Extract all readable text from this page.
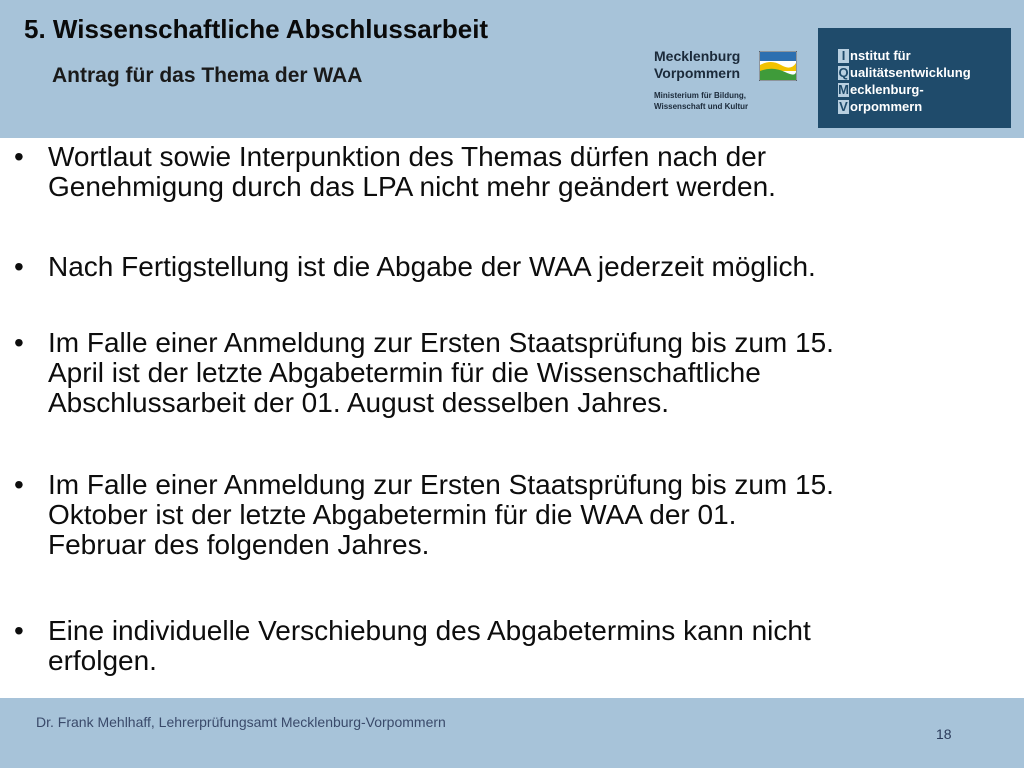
5. Wissenschaftliche Abschlussarbeit
Antrag für das Thema der WAA
Mecklenburg
Vorpommern
Ministerium für Bildung,
Wissenschaft und Kultur
I nstitut für
Qualitätsentwicklung
Mecklenburg-
V orpommern
• Wortlaut sowie Interpunktion des Themas dürfen nach der
Genehmigung durch das LPA nicht mehr geändert werden.
• Nach Fertigstellung ist die Abgabe der WAA jederzeit möglich.
• Im Falle einer Anmeldung zur Ersten Staatsprüfung bis zum 15.
April ist der letzte Abgabetermin für die Wissenschaftliche
Abschlussarbeit der 01. August desselben Jahres.
• Im Falle einer Anmeldung zur Ersten Staatsprüfung bis zum 15.
Oktober ist der letzte Abgabetermin für die WAA der 01.
Februar des folgenden Jahres.
• Eine individuelle Verschiebung des Abgabetermins kann nicht
erfolgen.
Dr. Frank Mehlhaff, Lehrerprüfungsamt Mecklenburg-Vorpommern
18
